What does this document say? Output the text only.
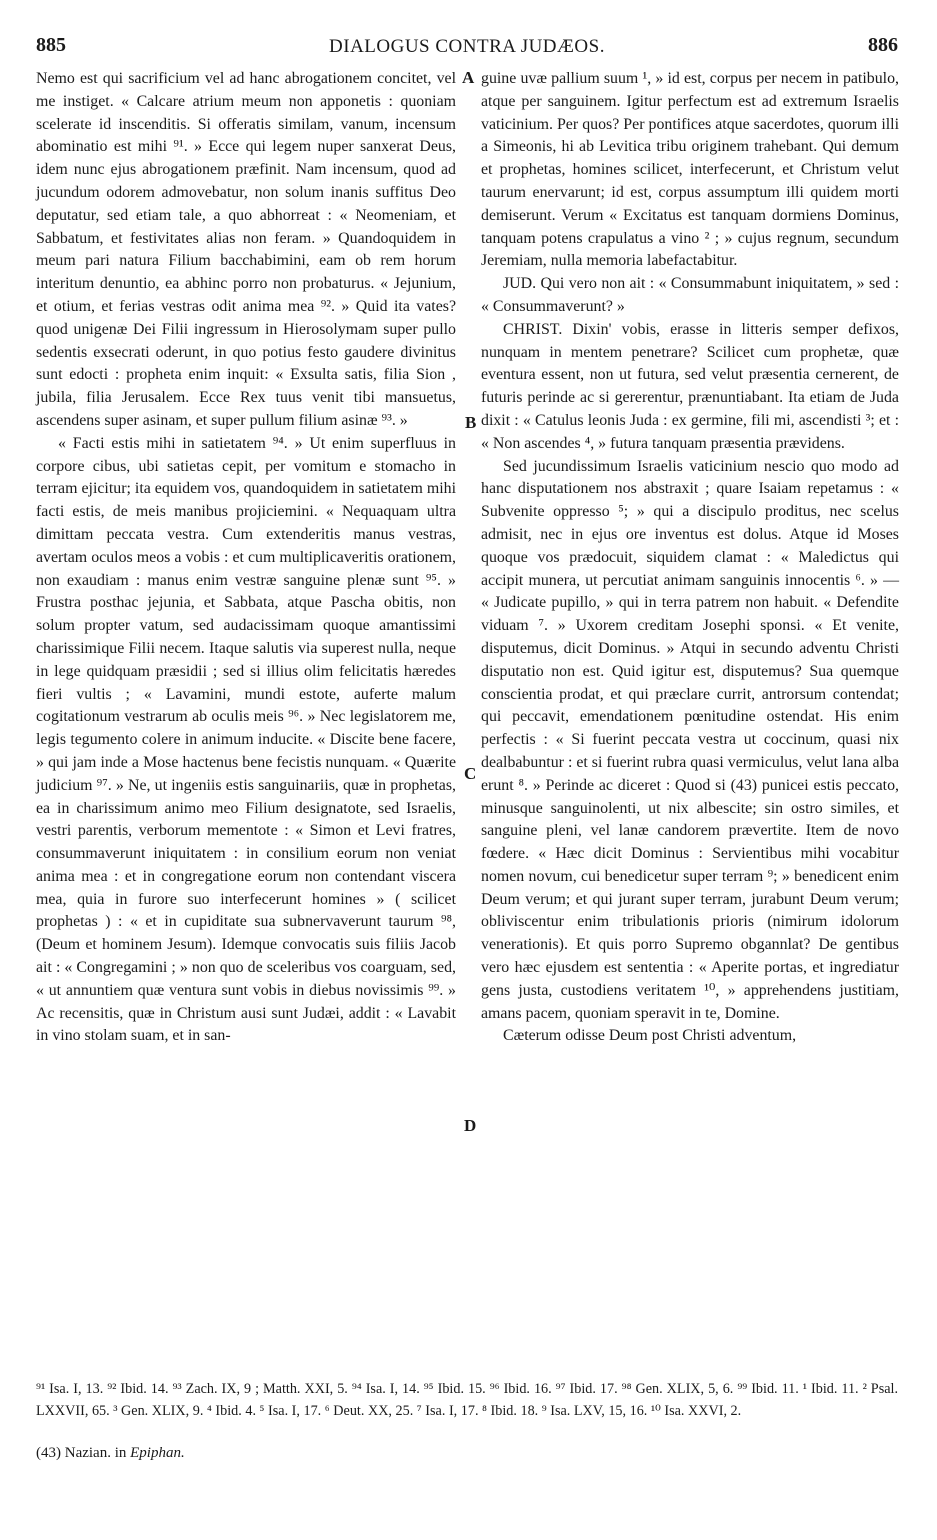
885	DIALOGUS CONTRA JUDÆOS.	886

Nemo est qui sacrificium vel ad hanc abrogationem concitet, vel me instiget. « Calcare atrium meum non apponetis : quoniam scelerate id inscenditis. Si offeratis similam, vanum, incensum abominatio est mihi ⁹¹. » Ecce qui legem nuper sanxerat Deus, idem nunc ejus abrogationem præfinit. Nam incensum, quod ad jucundum odorem admovebatur, non solum inanis suffitus Deo deputatur, sed etiam tale, a quo abhorreat : « Neomeniam, et Sabbatum, et festivitates alias non feram. » Quandoquidem in meum pari natura Filium bacchabimini, eam ob rem horum interitum denuntio, ea abhinc porro non probaturus. « Jejunium, et otium, et ferias vestras odit anima mea ⁹². » Quid ita vates? quod unigenæ Dei Filii ingressum in Hierosolymam super pullo sedentis exsecrati oderunt, in quo potius festo gaudere divinitus sunt edocti : propheta enim inquit: « Exsulta satis, filia Sion , jubila, filia Jerusalem. Ecce Rex tuus venit tibi mansuetus, ascendens super asinam, et super pullum filium asinæ ⁹³. »

« Facti estis mihi in satietatem ⁹⁴. » Ut enim superfluus in corpore cibus, ubi satietas cepit, per vomitum e stomacho in terram ejicitur; ita equidem vos, quandoquidem in satietatem mihi facti estis, de meis manibus projiciemini. « Nequaquam ultra dimittam peccata vestra. Cum extenderitis manus vestras, avertam oculos meos a vobis : et cum multiplicaveritis orationem, non exaudiam : manus enim vestræ sanguine plenæ sunt ⁹⁵. » Frustra posthac jejunia, et Sabbata, atque Pascha obitis, non solum propter vatum, sed audacissimam quoque amantissimi charissimique Filii necem. Itaque salutis via superest nulla, neque in lege quidquam præsidii ; sed si illius olim felicitatis hæredes fieri vultis ; « Lavamini, mundi estote, auferte malum cogitationum vestrarum ab oculis meis ⁹⁶. » Nec legislatorem me, legis tegumento colere in animum inducite. « Discite bene facere, » qui jam inde a Mose hactenus bene fecistis nunquam. « Quærite judicium ⁹⁷. » Ne, ut ingeniis estis sanguinariis, quæ in prophetas, ea in charissimum animo meo Filium designatote, sed Israelis, vestri parentis, verborum mementote : « Simon et Levi fratres, consummaverunt iniquitatem : in consilium eorum non veniat anima mea : et in congregatione eorum non contendant viscera mea, quia in furore suo interfecerunt homines » ( scilicet prophetas ) : « et in cupiditate sua subnervaverunt taurum ⁹⁸, (Deum et hominem Jesum). Idemque convocatis suis filiis Jacob ait : « Congregamini ; » non quo de sceleribus vos coarguam, sed, « ut annuntiem quæ ventura sunt vobis in diebus novissimis ⁹⁹. » Ac recensitis, quæ in Christum ausi sunt Judæi, addit : « Lavabit in vino stolam suam, et in san-

A
B
C
D

guine uvæ pallium suum ¹, » id est, corpus per necem in patibulo, atque per sanguinem. Igitur perfectum est ad extremum Israelis vaticinium. Per quos? Per pontifices atque sacerdotes, quorum illi a Simeonis, hi ab Levitica tribu originem trahebant. Qui demum et prophetas, homines scilicet, interfecerunt, et Christum velut taurum enervarunt; id est, corpus assumptum illi quidem morti demiserunt. Verum « Excitatus est tanquam dormiens Dominus, tanquam potens crapulatus a vino ² ; » cujus regnum, secundum Jeremiam, nulla memoria labefactabitur.

JUD. Qui vero non ait : « Consummabunt iniquitatem, » sed : « Consummaverunt? »

CHRIST. Dixin' vobis, erasse in litteris semper defixos, nunquam in mentem penetrare? Scilicet cum prophetæ, quæ eventura essent, non ut futura, sed velut præsentia cernerent, de futuris perinde ac si gererentur, prænuntiabant. Ita etiam de Juda dixit : « Catulus leonis Juda : ex germine, fili mi, ascendisti ³; et : « Non ascendes ⁴, » futura tanquam præsentia prævidens.

Sed jucundissimum Israelis vaticinium nescio quo modo ad hanc disputationem nos abstraxit ; quare Isaiam repetamus : « Subvenite oppresso ⁵; » qui a discipulo proditus, nec scelus admisit, nec in ejus ore inventus est dolus. Atque id Moses quoque vos prædocuit, siquidem clamat : « Maledictus qui accipit munera, ut percutiat animam sanguinis innocentis ⁶. » — « Judicate pupillo, » qui in terra patrem non habuit. « Defendite viduam ⁷. » Uxorem creditam Josephi sponsi. « Et venite, disputemus, dicit Dominus. » Atqui in secundo adventu Christi disputatio non est. Quid igitur est, disputemus? Sua quemque conscientia prodat, et qui præclare currit, antrorsum contendat; qui peccavit, emendationem pœnitudine ostendat. His enim perfectis : « Si fuerint peccata vestra ut coccinum, quasi nix dealbabuntur : et si fuerint rubra quasi vermiculus, velut lana alba erunt ⁸. » Perinde ac diceret : Quod si (43) punicei estis peccato, minusque sanguinolenti, ut nix albescite; sin ostro similes, et sanguine pleni, vel lanæ candorem prævertite. Item de novo fœdere. « Hæc dicit Dominus : Servientibus mihi vocabitur nomen novum, cui benedicetur super terram ⁹; » benedicent enim Deum verum; et qui jurant super terram, jurabunt Deum verum; obliviscentur enim tribulationis prioris (nimirum idolorum venerationis). Et quis porro Supremo obgannlat? De gentibus vero hæc ejusdem est sententia : « Aperite portas, et ingrediatur gens justa, custodiens veritatem ¹⁰, » apprehendens justitiam, amans pacem, quoniam speravit in te, Domine.

Cæterum odisse Deum post Christi adventum,

⁹¹ Isa. I, 13. ⁹² Ibid. 14. ⁹³ Zach. IX, 9 ; Matth. XXI, 5. ⁹⁴ Isa. I, 14. ⁹⁵ Ibid. 15. ⁹⁶ Ibid. 16. ⁹⁷ Ibid. 17. ⁹⁸ Gen. XLIX, 5, 6. ⁹⁹ Ibid. 11. ¹ Ibid. 11. ² Psal. LXXVII, 65. ³ Gen. XLIX, 9. ⁴ Ibid. 4. ⁵ Isa. I, 17. ⁶ Deut. XX, 25. ⁷ Isa. I, 17. ⁸ Ibid. 18. ⁹ Isa. LXV, 15, 16. ¹⁰ Isa. XXVI, 2.

(43) Nazian. in Epiphan.
